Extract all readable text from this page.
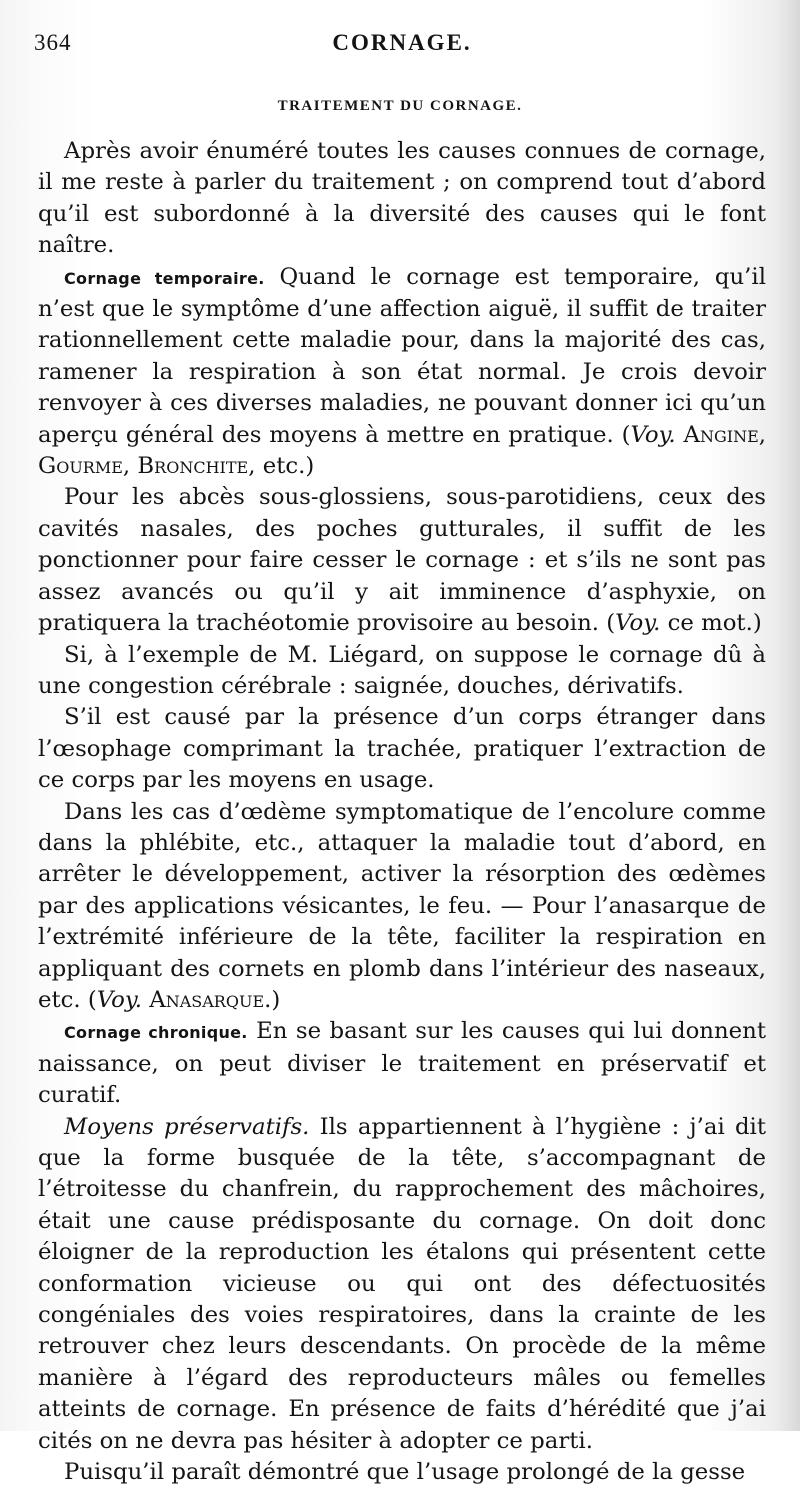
364	CORNAGE.
TRAITEMENT DU CORNAGE.

Après avoir énuméré toutes les causes connues de cornage, il me reste à parler du traitement ; on comprend tout d’abord qu’il est subordonné à la diversité des causes qui le font naître.

Cornage temporaire. Quand le cornage est temporaire, qu’il n’est que le symptôme d’une affection aiguë, il suffit de traiter rationnellement cette maladie pour, dans la majorité des cas, ramener la respiration à son état normal. Je crois devoir renvoyer à ces diverses maladies, ne pouvant donner ici qu’un aperçu général des moyens à mettre en pratique. (Voy. Angine, Gourme, Bronchite, etc.)

Pour les abcès sous-glossiens, sous-parotidiens, ceux des cavités nasales, des poches gutturales, il suffit de les ponctionner pour faire cesser le cornage : et s’ils ne sont pas assez avancés ou qu’il y ait imminence d’asphyxie, on pratiquera la trachéotomie provisoire au besoin. (Voy. ce mot.)

Si, à l’exemple de M. Liégard, on suppose le cornage dû à une congestion cérébrale : saignée, douches, dérivatifs.

S’il est causé par la présence d’un corps étranger dans l’œsophage comprimant la trachée, pratiquer l’extraction de ce corps par les moyens en usage.

Dans les cas d’œdème symptomatique de l’encolure comme dans la phlébite, etc., attaquer la maladie tout d’abord, en arrêter le développement, activer la résorption des œdèmes par des applications vésicantes, le feu. — Pour l’anasarque de l’extrémité inférieure de la tête, faciliter la respiration en appliquant des cornets en plomb dans l’intérieur des naseaux, etc. (Voy. Anasarque.)

Cornage chronique. En se basant sur les causes qui lui donnent naissance, on peut diviser le traitement en préservatif et curatif.

Moyens préservatifs. Ils appartiennent à l’hygiène : j’ai dit que la forme busquée de la tête, s’accompagnant de l’étroitesse du chanfrein, du rapprochement des mâchoires, était une cause prédisposante du cornage. On doit donc éloigner de la reproduction les étalons qui présentent cette conformation vicieuse ou qui ont des défectuosités congéniales des voies respiratoires, dans la crainte de les retrouver chez leurs descendants. On procède de la même manière à l’égard des reproducteurs mâles ou femelles atteints de cornage. En présence de faits d’hérédité que j’ai cités on ne devra pas hésiter à adopter ce parti.

Puisqu’il paraît démontré que l’usage prolongé de la gesse
